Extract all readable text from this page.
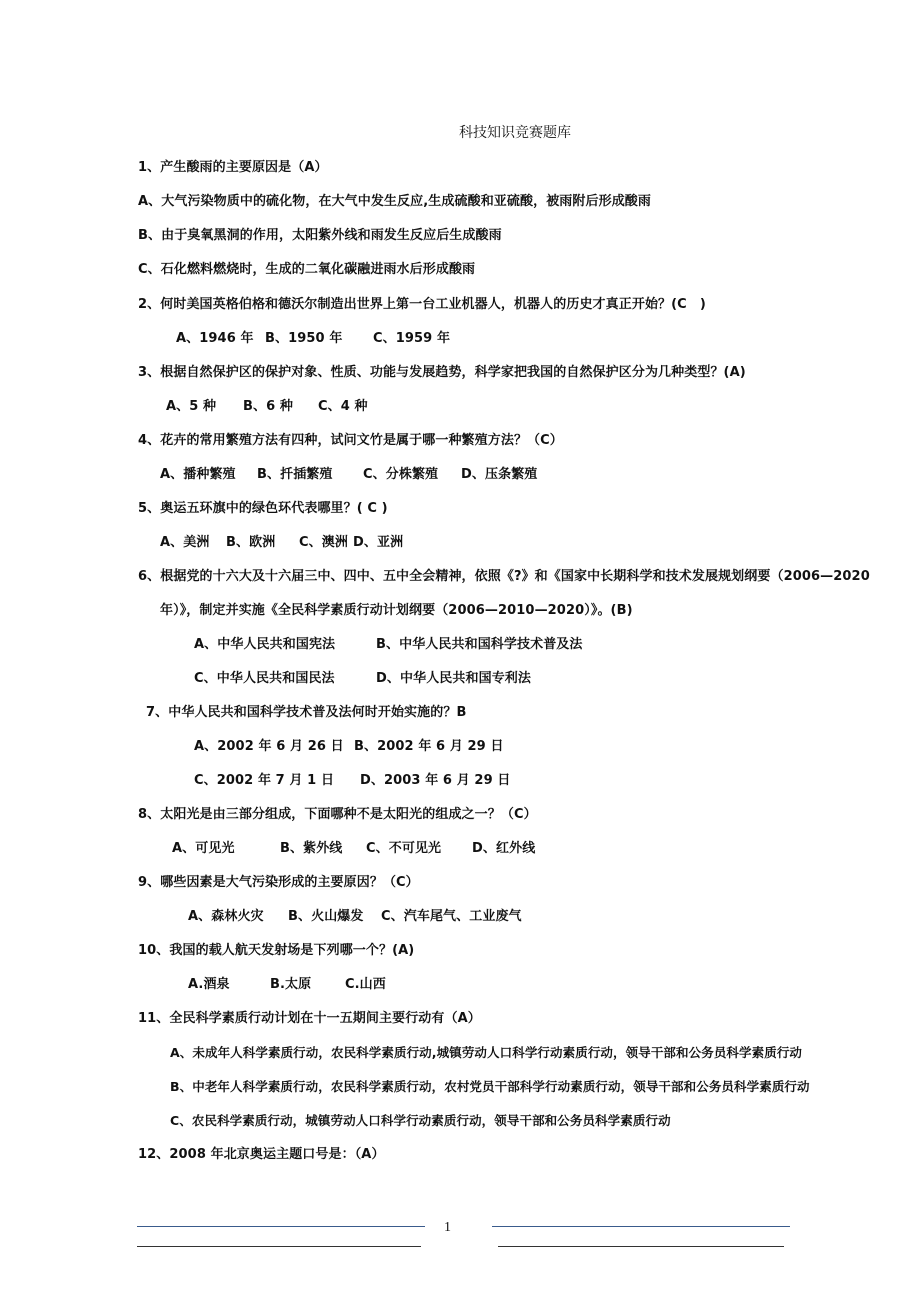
科技知识竞赛题库
1、产生酸雨的主要原因是（A）
A、大气污染物质中的硫化物，在大气中发生反应,生成硫酸和亚硫酸，被雨附后形成酸雨
B、由于臭氧黑洞的作用，太阳紫外线和雨发生反应后生成酸雨
C、石化燃料燃烧时，生成的二氧化碳融进雨水后形成酸雨
2、何时美国英格伯格和德沃尔制造出世界上第一台工业机器人，机器人的历史才真正开始？(C　)
A、1946 年 B、1950 年 C、1959 年
3、根据自然保护区的保护对象、性质、功能与发展趋势，科学家把我国的自然保护区分为几种类型？(A)
A、5 种 B、6 种 C、4 种
4、花卉的常用繁殖方法有四种，试问文竹是属于哪一种繁殖方法？（C）
A、播种繁殖 B、扦插繁殖 C、分株繁殖 D、压条繁殖
5、奥运五环旗中的绿色环代表哪里？( C )
A、美洲 B、欧洲 C、澳洲 D、亚洲
6、根据党的十六大及十六届三中、四中、五中全会精神，依照《?》和《国家中长期科学和技术发展规划纲要（2006—2020
年）》，制定并实施《全民科学素质行动计划纲要（2006—2010—2020）》。(B)
A、中华人民共和国宪法	B、中华人民共和国科学技术普及法
C、中华人民共和国民法	D、中华人民共和国专利法
7、中华人民共和国科学技术普及法何时开始实施的？B
A、2002 年 6 月 26 日 B、2002 年 6 月 29 日
C、2002 年 7 月 1 日 D、2003 年 6 月 29 日
8、太阳光是由三部分组成，下面哪种不是太阳光的组成之一？（C）
A、可见光	B、紫外线 C、不可见光 D、红外线
9、哪些因素是大气污染形成的主要原因？（C）
A、森林火灾 B、火山爆发 C、汽车尾气、工业废气
10、我国的载人航天发射场是下列哪一个？(A)
A.酒泉	B.太原	C.山西
11、全民科学素质行动计划在十一五期间主要行动有（A）
A、未成年人科学素质行动，农民科学素质行动,城镇劳动人口科学行动素质行动，领导干部和公务员科学素质行动
B、中老年人科学素质行动，农民科学素质行动，农村党员干部科学行动素质行动，领导干部和公务员科学素质行动
C、农民科学素质行动，城镇劳动人口科学行动素质行动，领导干部和公务员科学素质行动
12、2008 年北京奥运主题口号是：（A）
1
